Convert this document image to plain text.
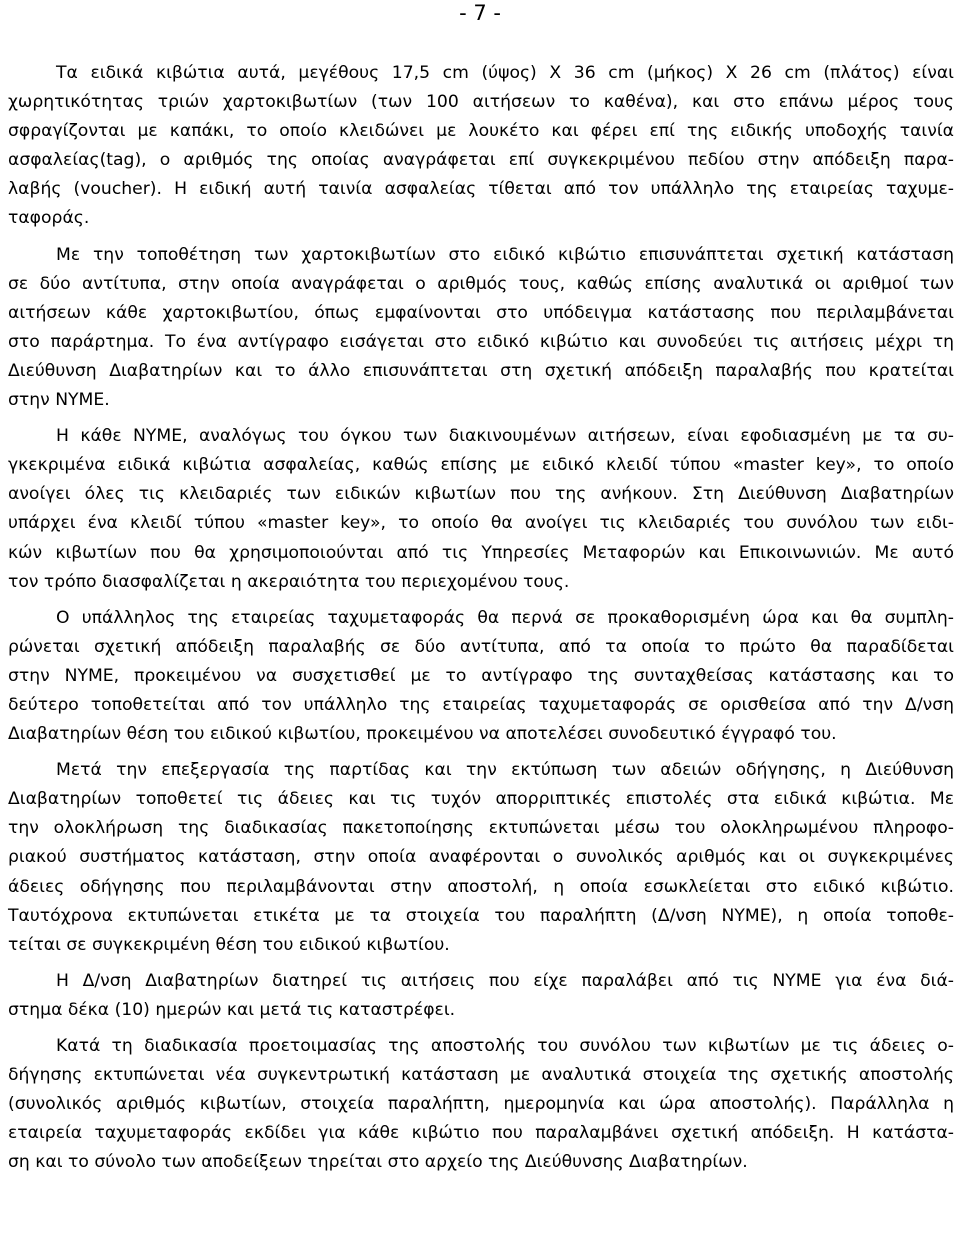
- 7 -
Τα ειδικά κιβώτια αυτά, μεγέθους 17,5 cm (ύψος) Χ 36 cm (μήκος) Χ 26 cm (πλάτος) είναι
χωρητικότητας τριών χαρτοκιβωτίων (των 100 αιτήσεων το καθένα), και στο επάνω μέρος τους
σφραγίζονται με καπάκι, το οποίο κλειδώνει με λουκέτο και φέρει επί της ειδικής υποδοχής ταινία
ασφαλείας(tag), ο αριθμός της οποίας αναγράφεται επί συγκεκριμένου πεδίου στην απόδειξη παρα-
λαβής (voucher). Η ειδική αυτή ταινία ασφαλείας τίθεται από τον υπάλληλο της εταιρείας ταχυμε-
ταφοράς.
Με την τοποθέτηση των χαρτοκιβωτίων στο ειδικό κιβώτιο επισυνάπτεται σχετική κατάσταση
σε δύο αντίτυπα, στην οποία αναγράφεται ο αριθμός τους, καθώς επίσης αναλυτικά οι αριθμοί των
αιτήσεων κάθε χαρτοκιβωτίου, όπως εμφαίνονται στο υπόδειγμα κατάστασης που περιλαμβάνεται
στο παράρτημα. Το ένα αντίγραφο εισάγεται στο ειδικό κιβώτιο και συνοδεύει τις αιτήσεις μέχρι τη
Διεύθυνση Διαβατηρίων και το άλλο επισυνάπτεται στη σχετική απόδειξη παραλαβής που κρατείται
στην ΝΥΜΕ.
Η κάθε ΝΥΜΕ, αναλόγως του όγκου των διακινουμένων αιτήσεων, είναι εφοδιασμένη με τα συ-
γκεκριμένα ειδικά κιβώτια ασφαλείας, καθώς επίσης με ειδικό κλειδί τύπου «master key», το οποίο
ανοίγει όλες τις κλειδαριές των ειδικών κιβωτίων που της ανήκουν. Στη Διεύθυνση Διαβατηρίων
υπάρχει ένα κλειδί τύπου «master key», το οποίο θα ανοίγει τις κλειδαριές του συνόλου των ειδι-
κών κιβωτίων που θα χρησιμοποιούνται από τις Υπηρεσίες Μεταφορών και Επικοινωνιών. Με αυτό
τον τρόπο διασφαλίζεται η ακεραιότητα του περιεχομένου τους.
Ο υπάλληλος της εταιρείας ταχυμεταφοράς θα περνά σε προκαθορισμένη ώρα και θα συμπλη-
ρώνεται σχετική απόδειξη παραλαβής σε δύο αντίτυπα, από τα οποία το πρώτο θα παραδίδεται
στην ΝΥΜΕ, προκειμένου να συσχετισθεί με το αντίγραφο της συνταχθείσας κατάστασης και το
δεύτερο τοποθετείται από τον υπάλληλο της εταιρείας ταχυμεταφοράς σε ορισθείσα από την Δ/νση
Διαβατηρίων θέση του ειδικού κιβωτίου, προκειμένου να αποτελέσει συνοδευτικό έγγραφό του.
Μετά την επεξεργασία της παρτίδας και την εκτύπωση των αδειών οδήγησης, η Διεύθυνση
Διαβατηρίων τοποθετεί τις άδειες και τις τυχόν απορριπτικές επιστολές στα ειδικά κιβώτια. Με
την ολοκλήρωση της διαδικασίας πακετοποίησης εκτυπώνεται μέσω του ολοκληρωμένου πληροφο-
ριακού συστήματος κατάσταση, στην οποία αναφέρονται ο συνολικός αριθμός και οι συγκεκριμένες
άδειες οδήγησης που περιλαμβάνονται στην αποστολή, η οποία εσωκλείεται στο ειδικό κιβώτιο.
Ταυτόχρονα εκτυπώνεται ετικέτα με τα στοιχεία του παραλήπτη (Δ/νση ΝΥΜΕ), η οποία τοποθε-
τείται σε συγκεκριμένη θέση του ειδικού κιβωτίου.
Η Δ/νση Διαβατηρίων διατηρεί τις αιτήσεις που είχε παραλάβει από τις ΝΥΜΕ για ένα διά-
στημα δέκα (10) ημερών και μετά τις καταστρέφει.
Κατά τη διαδικασία προετοιμασίας της αποστολής του συνόλου των κιβωτίων με τις άδειες ο-
δήγησης εκτυπώνεται νέα συγκεντρωτική κατάσταση με αναλυτικά στοιχεία της σχετικής αποστολής
(συνολικός αριθμός κιβωτίων, στοιχεία παραλήπτη, ημερομηνία και ώρα αποστολής). Παράλληλα η
εταιρεία ταχυμεταφοράς εκδίδει για κάθε κιβώτιο που παραλαμβάνει σχετική απόδειξη. Η κατάστα-
ση και το σύνολο των αποδείξεων τηρείται στο αρχείο της Διεύθυνσης Διαβατηρίων.
